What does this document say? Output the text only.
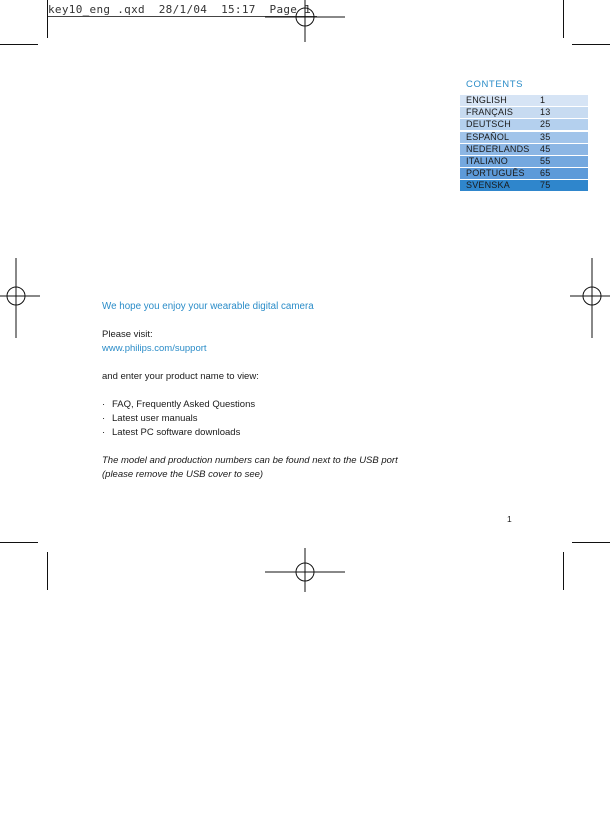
key10_eng .qxd  28/1/04  15:17  Page 1
CONTENTS
ENGLISH	1
FRANÇAIS	13
DEUTSCH	25
ESPAÑOL	35
NEDERLANDS	45
ITALIANO	55
PORTUGUÊS	65
SVENSKA	75
We hope you enjoy your wearable digital camera
Please visit:
www.philips.com/support
and enter your product name to view:
· FAQ, Frequently Asked Questions
· Latest user manuals
· Latest PC software downloads
The model and production numbers can be found next to the USB port
(please remove the USB cover to see)
1
